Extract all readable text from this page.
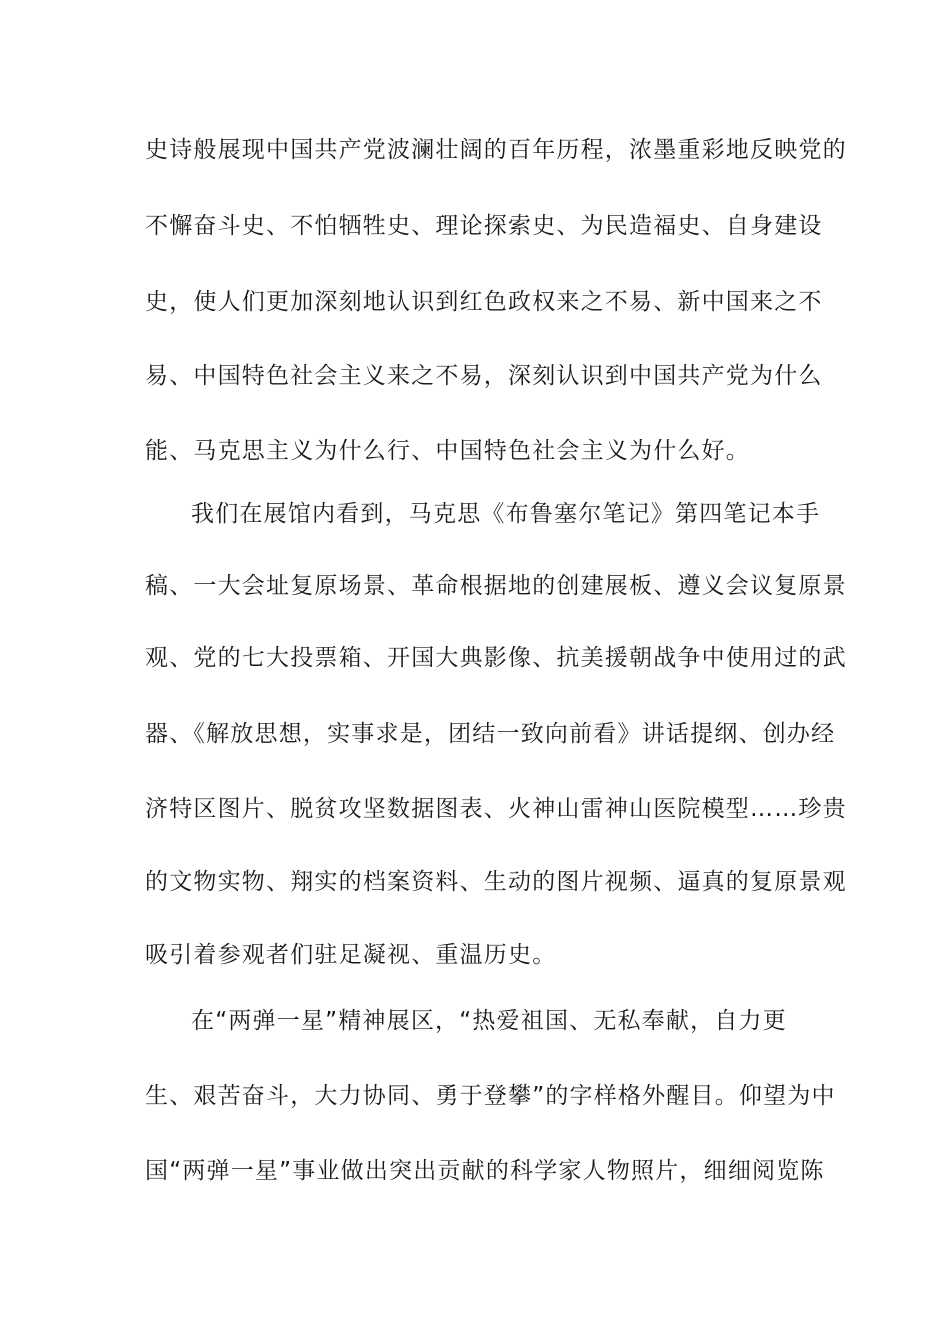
史诗般展现中国共产党波澜壮阔的百年历程，浓墨重彩地反映党的
不懈奋斗史、不怕牺牲史、理论探索史、为民造福史、自身建设
史，使人们更加深刻地认识到红色政权来之不易、新中国来之不
易、中国特色社会主义来之不易，深刻认识到中国共产党为什么
能、马克思主义为什么行、中国特色社会主义为什么好。
我们在展馆内看到，马克思《布鲁塞尔笔记》第四笔记本手
稿、一大会址复原场景、革命根据地的创建展板、遵义会议复原景
观、党的七大投票箱、开国大典影像、抗美援朝战争中使用过的武
器、《解放思想，实事求是，团结一致向前看》讲话提纲、创办经
济特区图片、脱贫攻坚数据图表、火神山雷神山医院模型……珍贵
的文物实物、翔实的档案资料、生动的图片视频、逼真的复原景观
吸引着参观者们驻足凝视、重温历史。
在“两弹一星”精神展区，“热爱祖国、无私奉献，自力更
生、艰苦奋斗，大力协同、勇于登攀”的字样格外醒目。仰望为中
国“两弹一星”事业做出突出贡献的科学家人物照片，细细阅览陈
